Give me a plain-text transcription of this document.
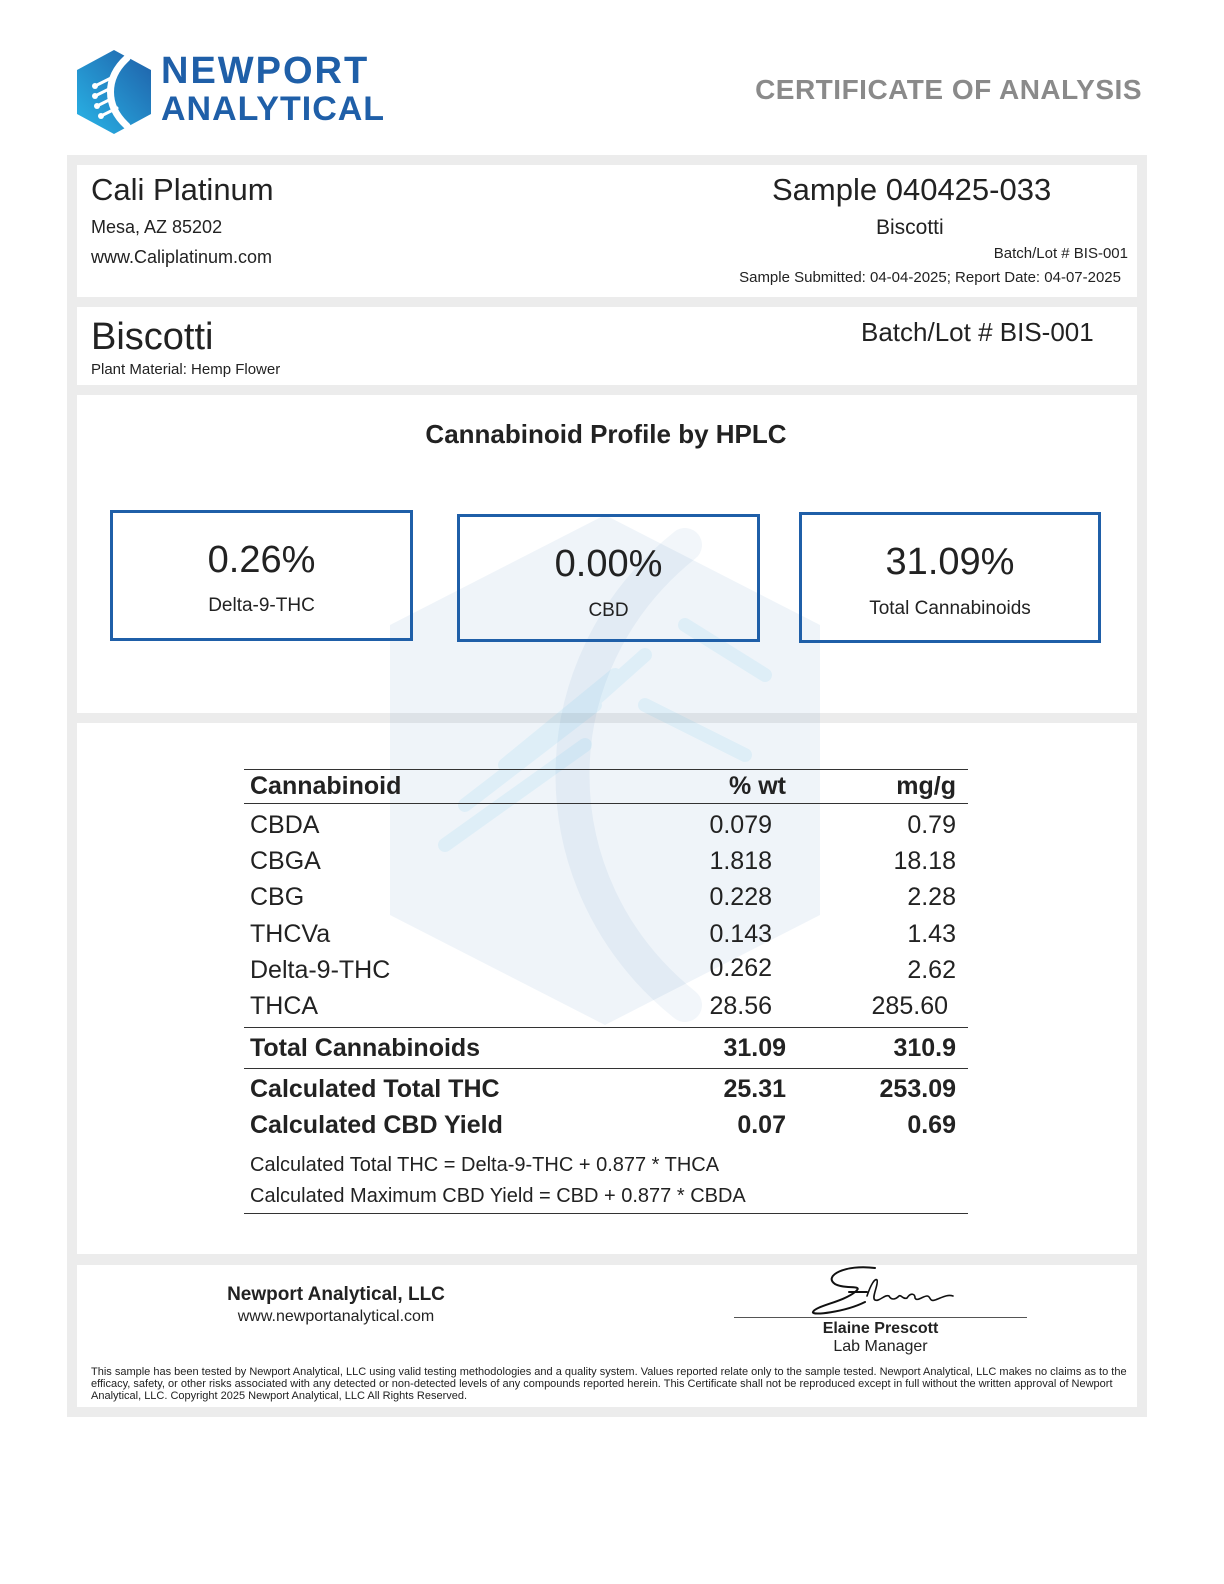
NEWPORT
ANALYTICAL
CERTIFICATE OF ANALYSIS
Cali Platinum
Mesa, AZ 85202
www.Caliplatinum.com
Sample 040425-033
Biscotti
Batch/Lot # BIS-001
Sample Submitted: 04-04-2025; Report Date: 04-07-2025
Biscotti
Plant Material: Hemp Flower
Batch/Lot # BIS-001
Cannabinoid Profile by HPLC
0.26%
Delta-9-THC
0.00%
CBD
31.09%
Total Cannabinoids
Cannabinoid	% wt	mg/g
CBDA	0.079	0.79
CBGA	1.818	18.18
CBG	0.228	2.28
THCVa	0.143	1.43
Delta-9-THC	0.262	2.62
THCA	28.56	285.60
Total Cannabinoids	31.09	310.9
Calculated Total THC	25.31	253.09
Calculated CBD Yield	0.07	0.69
Calculated Total THC = Delta-9-THC + 0.877 * THCA
Calculated Maximum CBD Yield = CBD + 0.877 * CBDA
Newport Analytical, LLC
www.newportanalytical.com
Elaine Prescott
Lab Manager
This sample has been tested by Newport Analytical, LLC using valid testing methodologies and a quality system. Values reported relate only to the sample tested. Newport Analytical, LLC makes no claims as to the efficacy, safety, or other risks associated with any detected or non-detected levels of any compounds reported herein. This Certificate shall not be reproduced except in full without the written approval of Newport Analytical, LLC. Copyright 2025 Newport Analytical, LLC All Rights Reserved.
